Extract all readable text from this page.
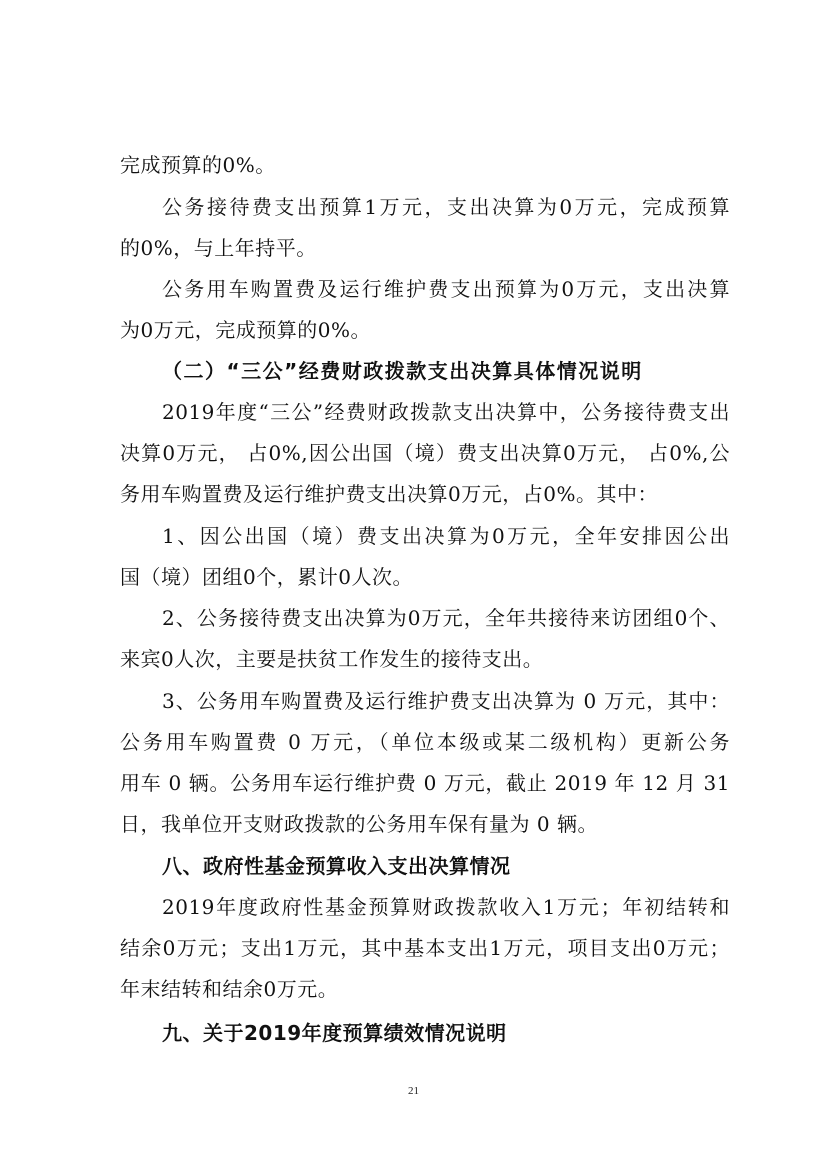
完成预算的0%。
公务接待费支出预算1万元，支出决算为0万元，完成预算
的0%，与上年持平。
公务用车购置费及运行维护费支出预算为0万元，支出决算
为0万元，完成预算的0%。
（二）“三公”经费财政拨款支出决算具体情况说明
2019年度“三公”经费财政拨款支出决算中，公务接待费支出
决算0万元， 占0%,因公出国（境）费支出决算0万元， 占0%,公
务用车购置费及运行维护费支出决算0万元，占0%。其中：
1、因公出国（境）费支出决算为0万元，全年安排因公出
国（境）团组0个，累计0人次。
2、公务接待费支出决算为0万元，全年共接待来访团组0个、
来宾0人次，主要是扶贫工作发生的接待支出。
3、公务用车购置费及运行维护费支出决算为 0 万元，其中：
公务用车购置费 0 万元，（单位本级或某二级机构）更新公务
用车 0 辆。公务用车运行维护费 0 万元，截止 2019 年 12 月 31
日，我单位开支财政拨款的公务用车保有量为 0 辆。
八、政府性基金预算收入支出决算情况
2019年度政府性基金预算财政拨款收入1万元；年初结转和
结余0万元；支出1万元，其中基本支出1万元，项目支出0万元；
年末结转和结余0万元。
九、关于2019年度预算绩效情况说明
21
